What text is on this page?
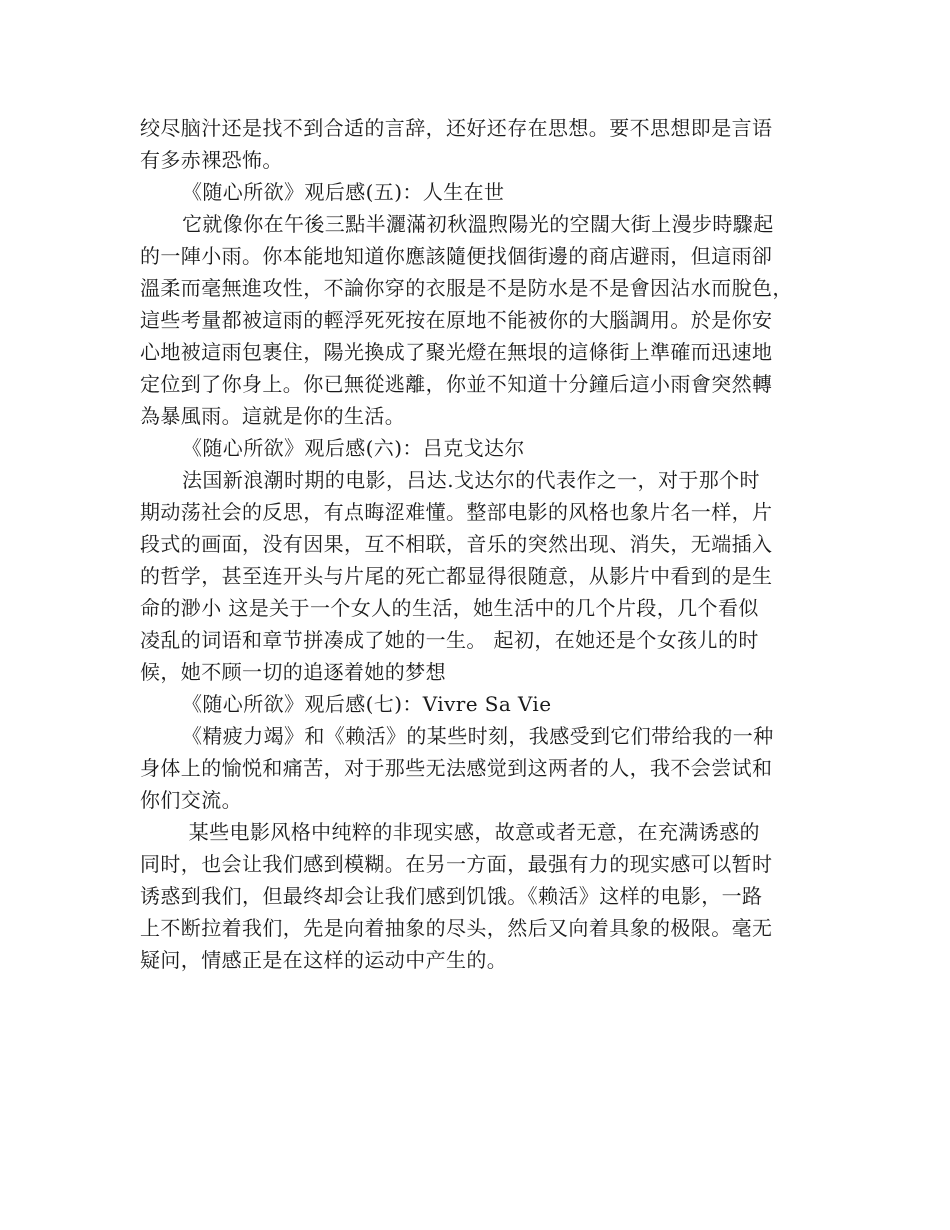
绞尽脑汁还是找不到合适的言辞，还好还存在思想。要不思想即是言语
有多赤裸恐怖。
《随心所欲》观后感(五)：人生在世
它就像你在午後三點半灑滿初秋溫煦陽光的空闊大街上漫步時驟起
的一陣小雨。你本能地知道你應該隨便找個街邊的商店避雨，但這雨卻
溫柔而毫無進攻性，不論你穿的衣服是不是防水是不是會因沾水而脫色，
這些考量都被這雨的輕浮死死按在原地不能被你的大腦調用。於是你安
心地被這雨包裹住，陽光換成了聚光燈在無垠的這條街上準確而迅速地
定位到了你身上。你已無從逃離，你並不知道十分鐘后這小雨會突然轉
為暴風雨。這就是你的生活。
《随心所欲》观后感(六)：吕克戈达尔
法国新浪潮时期的电影，吕达.戈达尔的代表作之一，对于那个时
期动荡社会的反思，有点晦涩难懂。整部电影的风格也象片名一样，片
段式的画面，没有因果，互不相联，音乐的突然出现、消失，无端插入
的哲学，甚至连开头与片尾的死亡都显得很随意，从影片中看到的是生
命的渺小 这是关于一个女人的生活，她生活中的几个片段，几个看似
凌乱的词语和章节拼凑成了她的一生。 起初，在她还是个女孩儿的时
候，她不顾一切的追逐着她的梦想
《随心所欲》观后感(七)：Vivre Sa Vie
《精疲力竭》和《赖活》的某些时刻，我感受到它们带给我的一种
身体上的愉悦和痛苦，对于那些无法感觉到这两者的人，我不会尝试和
你们交流。
某些电影风格中纯粹的非现实感，故意或者无意，在充满诱惑的
同时，也会让我们感到模糊。在另一方面，最强有力的现实感可以暂时
诱惑到我们，但最终却会让我们感到饥饿。《赖活》这样的电影，一路
上不断拉着我们，先是向着抽象的尽头，然后又向着具象的极限。毫无
疑问，情感正是在这样的运动中产生的。
